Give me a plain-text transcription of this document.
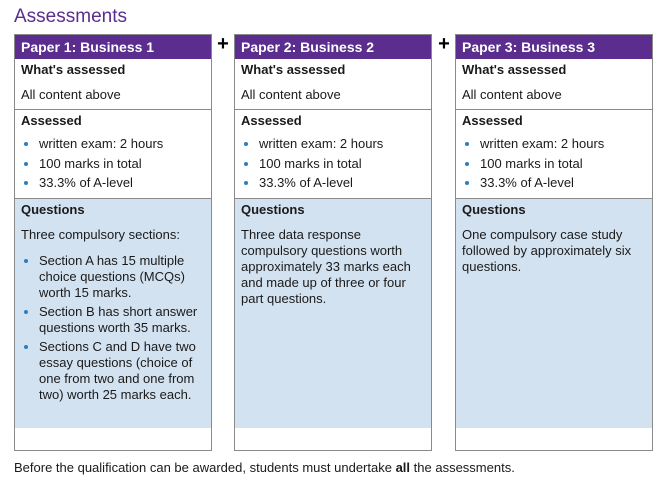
Assessments
Paper 1: Business 1
What's assessed
All content above
Assessed
written exam: 2 hours
100 marks in total
33.3% of A-level
Questions
Three compulsory sections:
Section A has 15 multiple choice questions (MCQs) worth 15 marks.
Section B has short answer questions worth 35 marks.
Sections C and D have two essay questions (choice of one from two and one from two) worth 25 marks each.
+ Paper 2: Business 2
What's assessed
All content above
Assessed
written exam: 2 hours
100 marks in total
33.3% of A-level
Questions
Three data response compulsory questions worth approximately 33 marks each and made up of three or four part questions.
+ Paper 3: Business 3
What's assessed
All content above
Assessed
written exam: 2 hours
100 marks in total
33.3% of A-level
Questions
One compulsory case study followed by approximately six questions.
Before the qualification can be awarded, students must undertake all the assessments.
